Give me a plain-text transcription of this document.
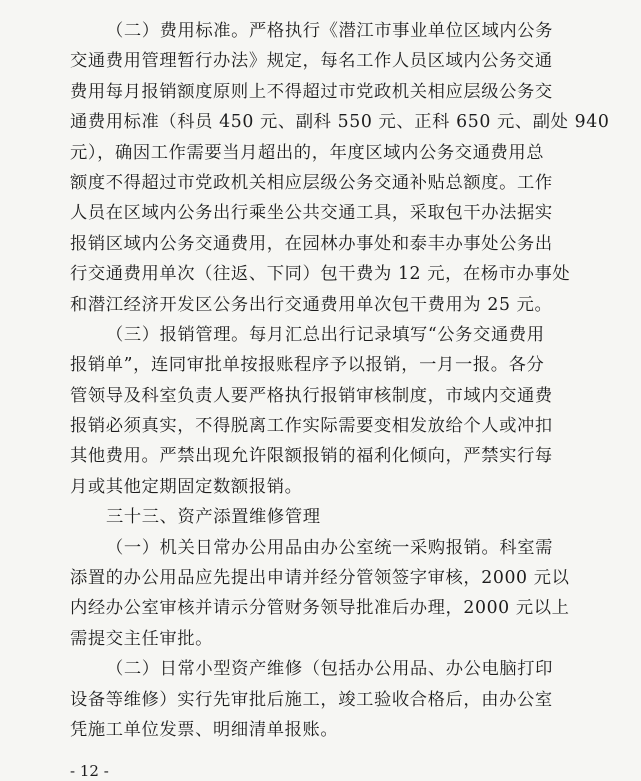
（二）费用标准。严格执行《潜江市事业单位区域内公务
交通费用管理暂行办法》规定，每名工作人员区域内公务交通
费用每月报销额度原则上不得超过市党政机关相应层级公务交
通费用标准（科员 450 元、副科 550 元、正科 650 元、副处 940
元），确因工作需要当月超出的，年度区域内公务交通费用总
额度不得超过市党政机关相应层级公务交通补贴总额度。工作
人员在区域内公务出行乘坐公共交通工具，采取包干办法据实
报销区域内公务交通费用，在园林办事处和泰丰办事处公务出
行交通费用单次（往返、下同）包干费为 12 元，在杨市办事处
和潜江经济开发区公务出行交通费用单次包干费用为 25 元。
（三）报销管理。每月汇总出行记录填写“公务交通费用
报销单”，连同审批单按报账程序予以报销，一月一报。各分
管领导及科室负责人要严格执行报销审核制度，市域内交通费
报销必须真实，不得脱离工作实际需要变相发放给个人或冲扣
其他费用。严禁出现允许限额报销的福利化倾向，严禁实行每
月或其他定期固定数额报销。
三十三、资产添置维修管理
（一）机关日常办公用品由办公室统一采购报销。科室需
添置的办公用品应先提出申请并经分管领签字审核，2000 元以
内经办公室审核并请示分管财务领导批准后办理，2000 元以上
需提交主任审批。
（二）日常小型资产维修（包括办公用品、办公电脑打印
设备等维修）实行先审批后施工，竣工验收合格后，由办公室
凭施工单位发票、明细清单报账。
- 12 -
